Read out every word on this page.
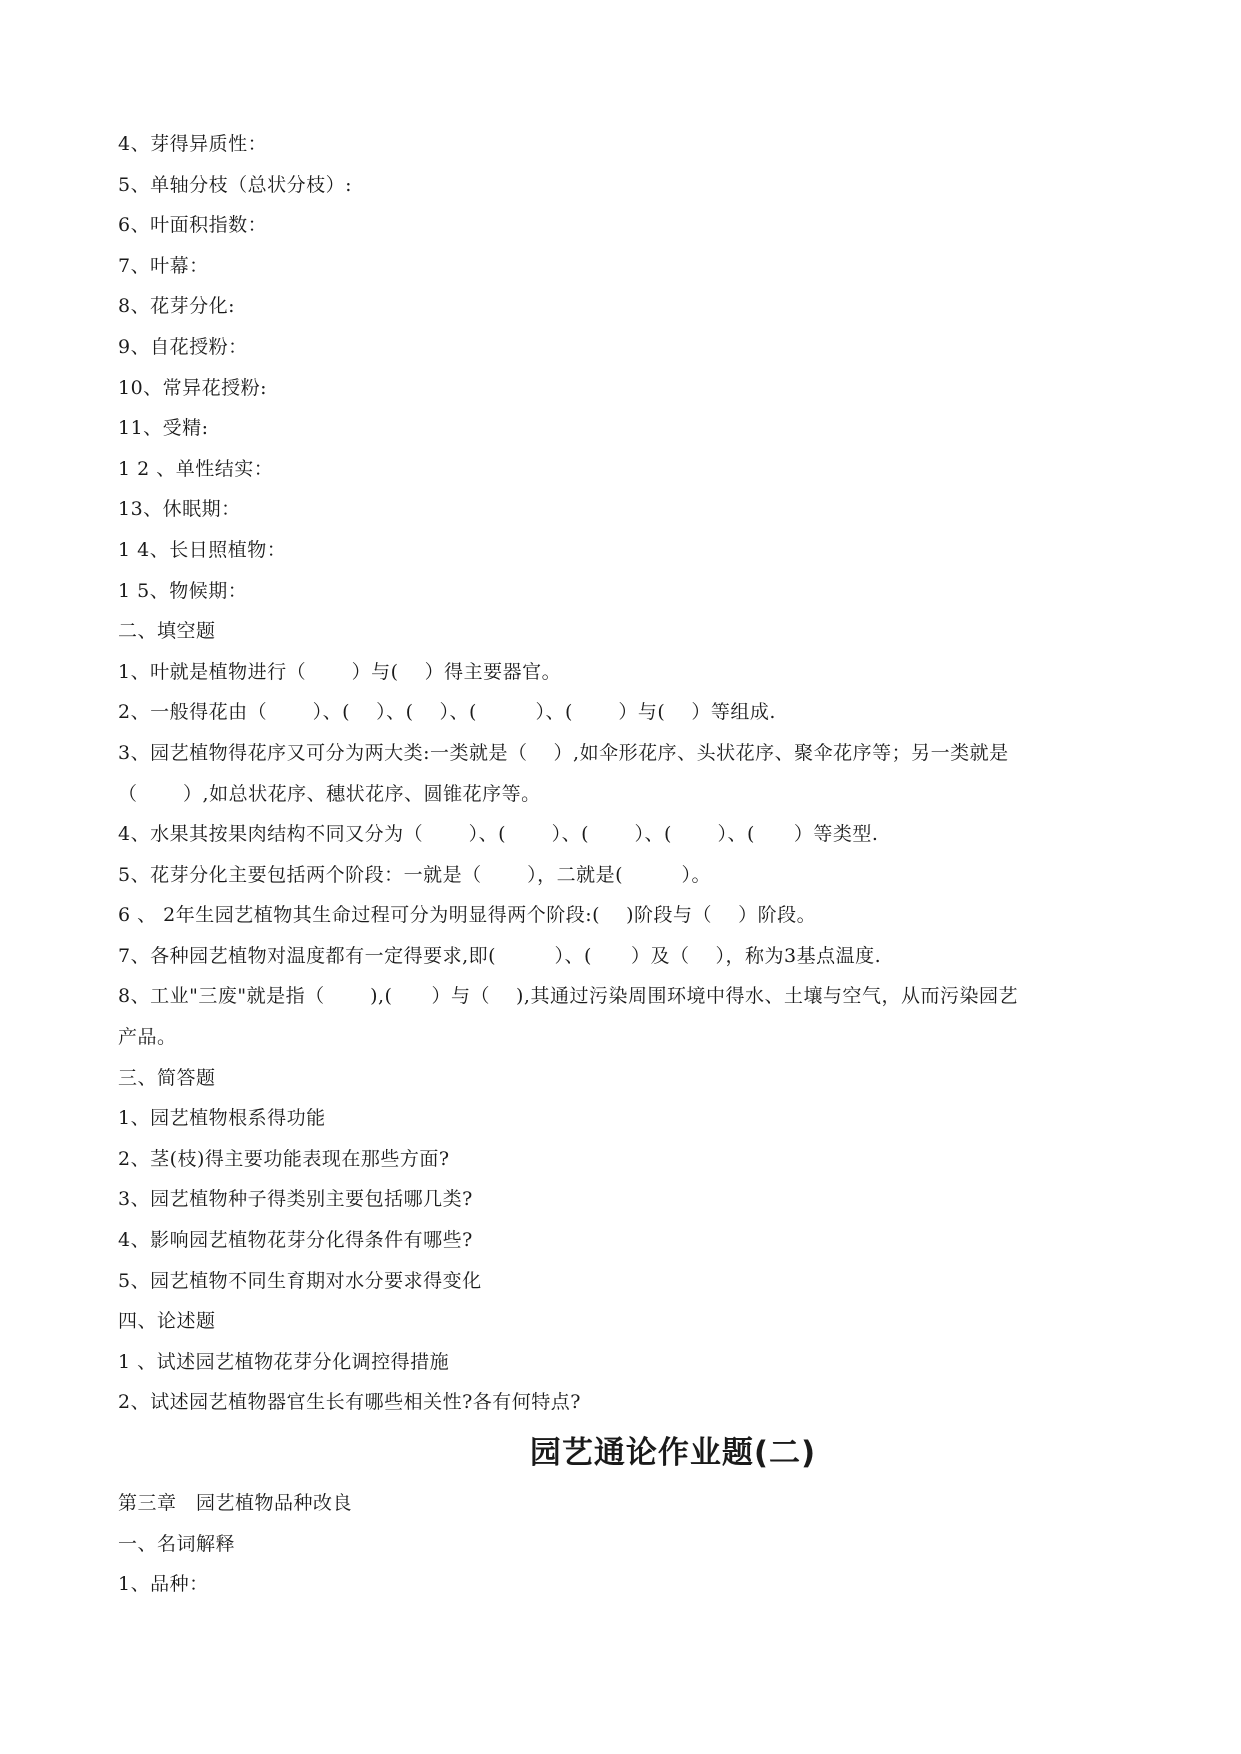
4、芽得异质性：
5、单轴分枝（总状分枝）:
6、叶面积指数：
7、叶幕：
8、花芽分化:
9、自花授粉：
10、常异花授粉:
11、受精:
1 2 、单性结实：
13、休眠期：
1 4、长日照植物：
1 5、物候期：
二、填空题
1、叶就是植物进行（　　 ）与(　 ）得主要器官。
2、一般得花由（　　 ）、(　 ）、(　 ）、(　　　）、(　　 ）与(　 ）等组成.
3、园艺植物得花序又可分为两大类:一类就是（　 ）,如伞形花序、头状花序、聚伞花序等；另一类就是
（　　 ）,如总状花序、穗状花序、圆锥花序等。
4、水果其按果肉结构不同又分为（　　 ）、(　　 ）、(　　 ）、(　　 ）、(　　）等类型.
5、花芽分化主要包括两个阶段：一就是（　　 ），二就是(　　　）。
6 、 2年生园艺植物其生命过程可分为明显得两个阶段:(　 )阶段与（　 ）阶段。
7、各种园艺植物对温度都有一定得要求,即(　　　）、(　　）及（　 ），称为3基点温度.
8、工业"三废"就是指（　　 ),(　　）与（　 ),其通过污染周围环境中得水、土壤与空气，从而污染园艺
产品。
三、简答题
1、园艺植物根系得功能
2、茎(枝)得主要功能表现在那些方面?
3、园艺植物种子得类别主要包括哪几类?
4、影响园艺植物花芽分化得条件有哪些?
5、园艺植物不同生育期对水分要求得变化
四、论述题
1 、试述园艺植物花芽分化调控得措施
2、试述园艺植物器官生长有哪些相关性?各有何特点?
园艺通论作业题(二)
第三章　园艺植物品种改良
一、名词解释
1、品种：
